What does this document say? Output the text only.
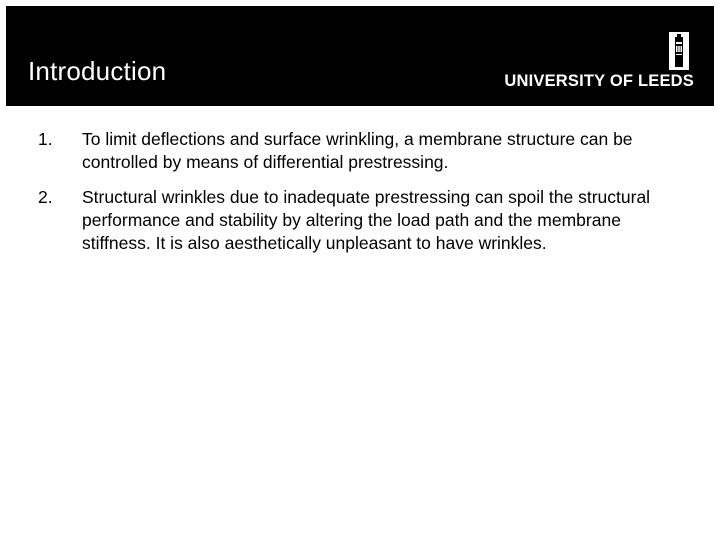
Introduction	UNIVERSITY OF LEEDS
1. To limit deflections and surface wrinkling, a membrane structure can be controlled by means of differential prestressing.
2. Structural wrinkles due to inadequate prestressing can spoil the structural performance and stability by altering the load path and the membrane stiffness. It is also aesthetically unpleasant to have wrinkles.
